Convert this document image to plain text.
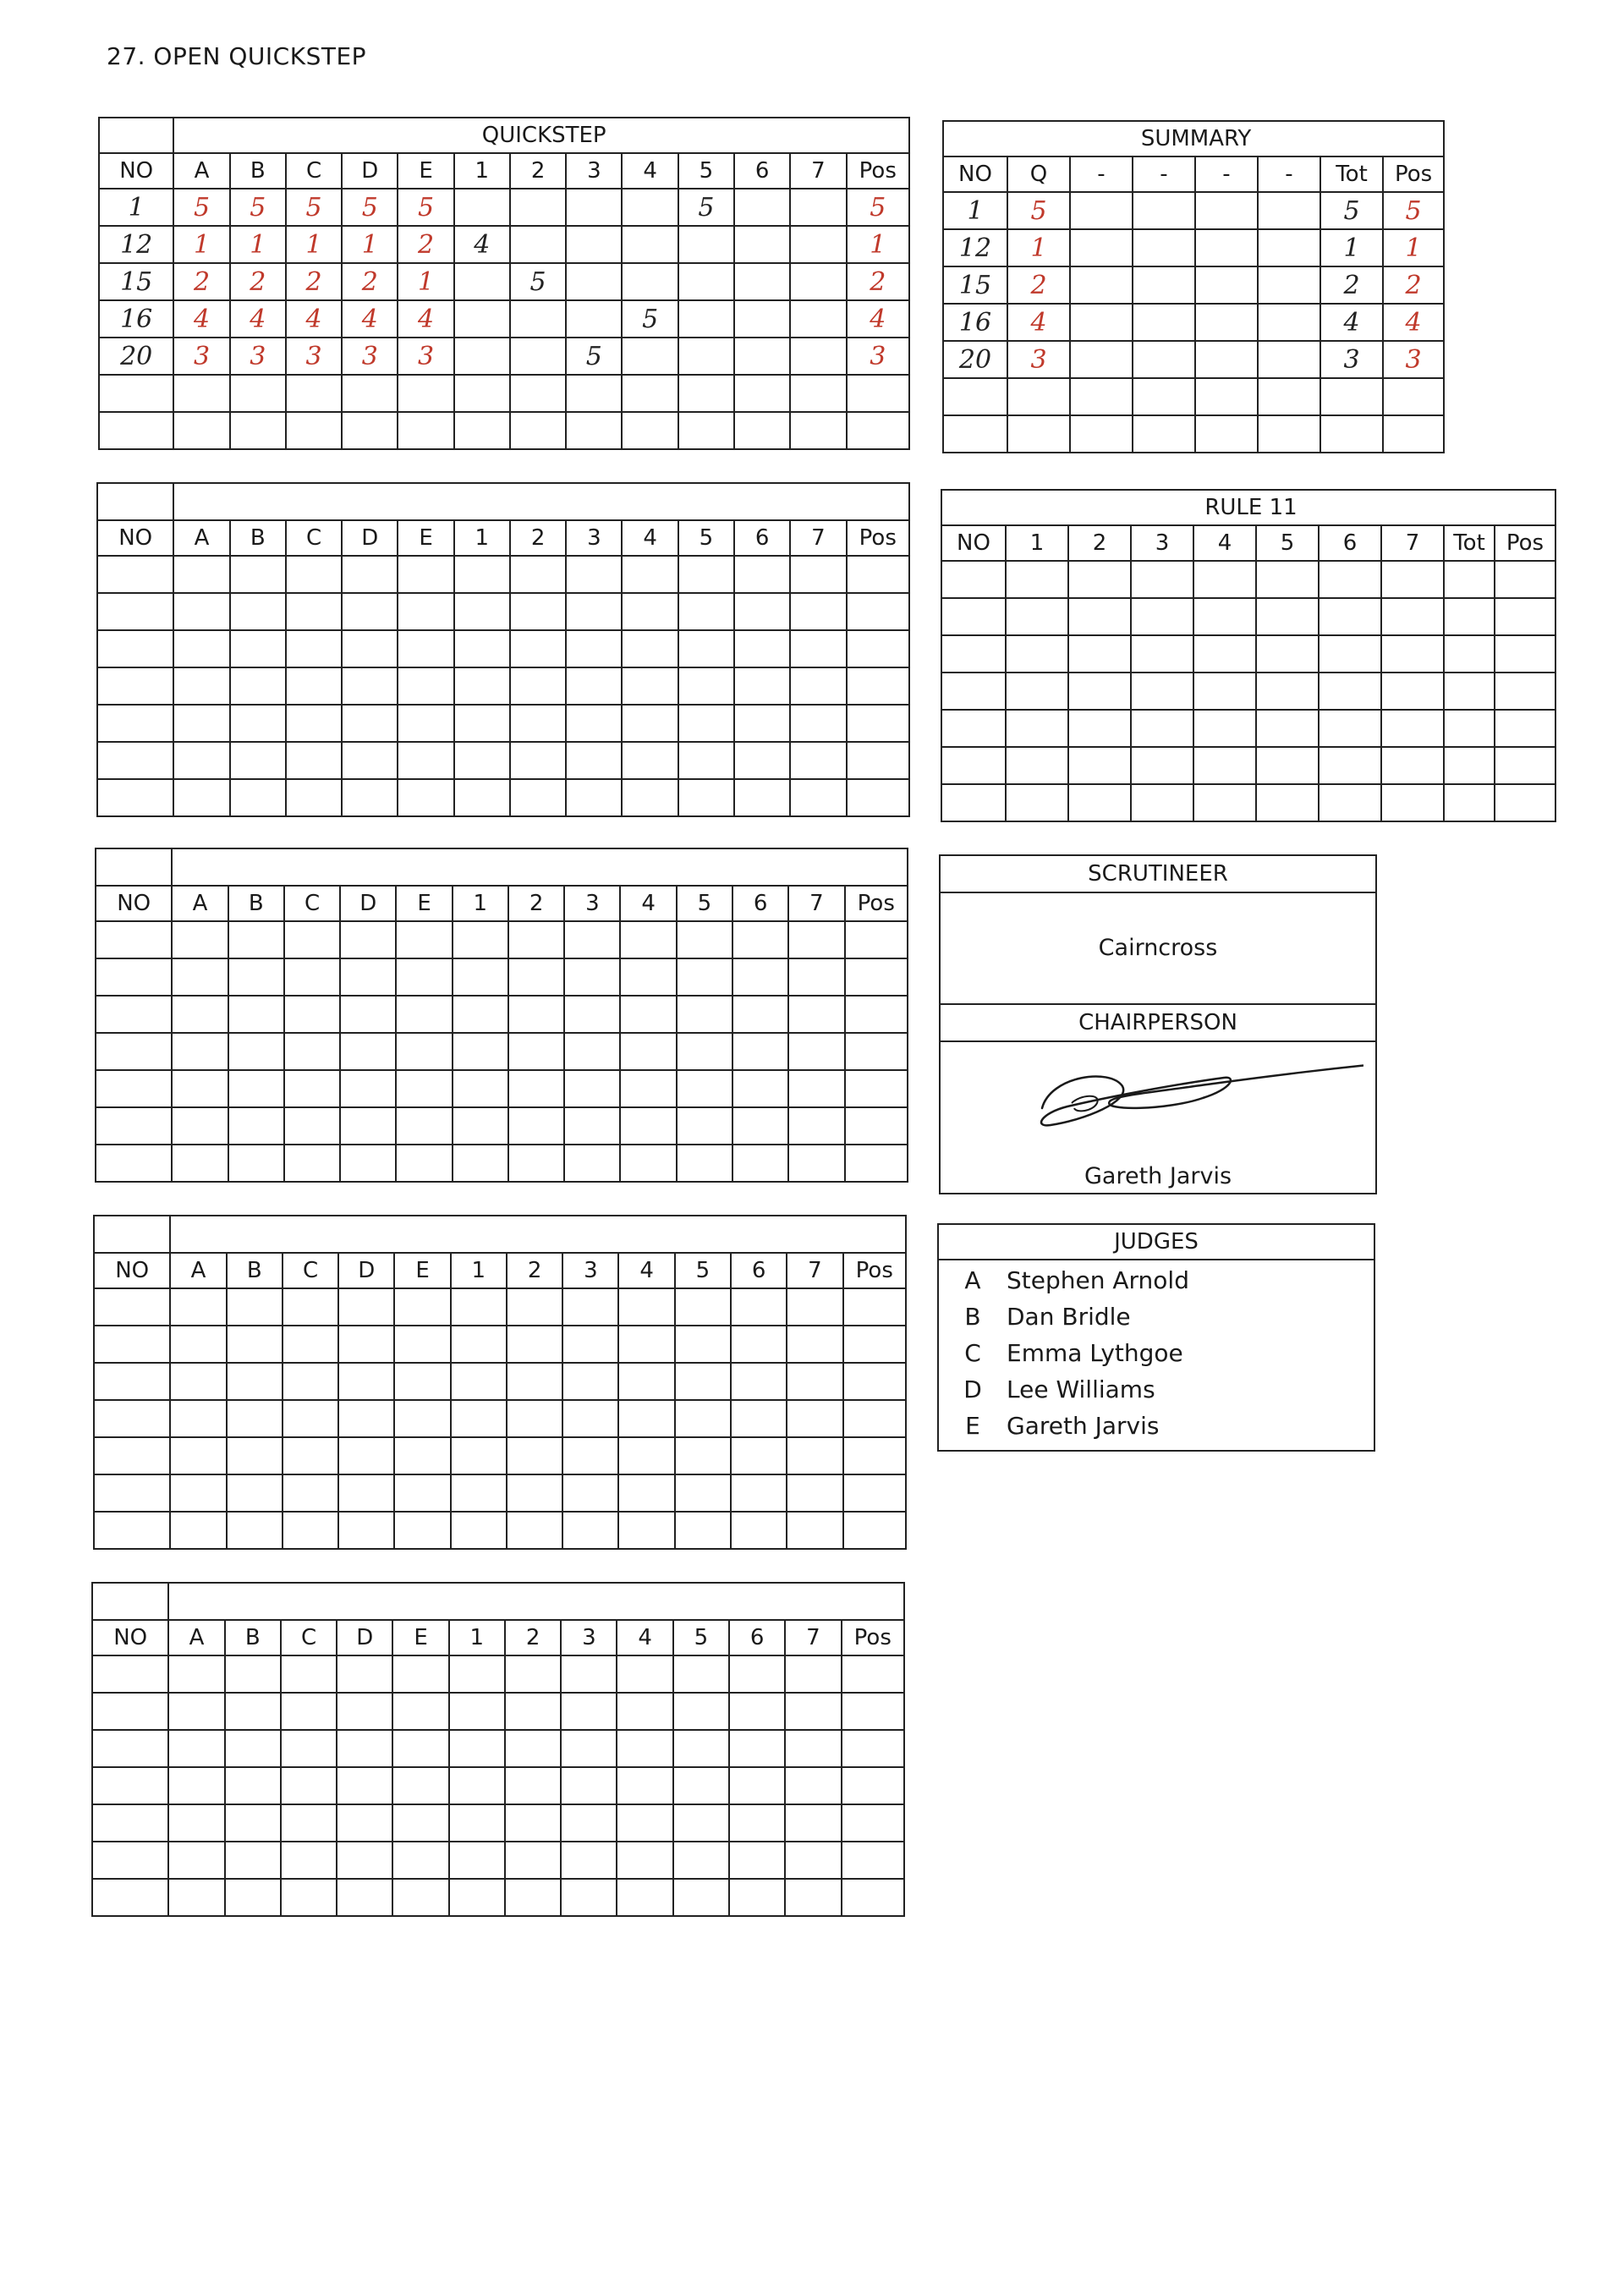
27. OPEN QUICKSTEP
	QUICKSTEP												
NO	A	B	C	D	E	1	2	3	4	5	6	7	Pos
1	5	5	5	5	5					5			5
12	1	1	1	1	2	4							1
15	2	2	2	2	1		5						2
16	4	4	4	4	4				5				4
20	3	3	3	3	3			5					3

NO	A	B	C	D	E	1	2	3	4	5	6	7	Pos

NO	A	B	C	D	E	1	2	3	4	5	6	7	Pos

NO	A	B	C	D	E	1	2	3	4	5	6	7	Pos

NO	A	B	C	D	E	1	2	3	4	5	6	7	Pos

SUMMARY							
NO	Q	-	-	-	-	Tot	Pos
1	5					5	5
12	1					1	1
15	2					2	2
16	4					4	4
20	3					3	3

RULE 11									
NO	1	2	3	4	5	6	7	Tot	Pos

SCRUTINEER
Cairncross
CHAIRPERSON
Gareth Jarvis
JUDGES
A	Stephen Arnold
B	Dan Bridle
C	Emma Lythgoe
D	Lee Williams
E	Gareth Jarvis
